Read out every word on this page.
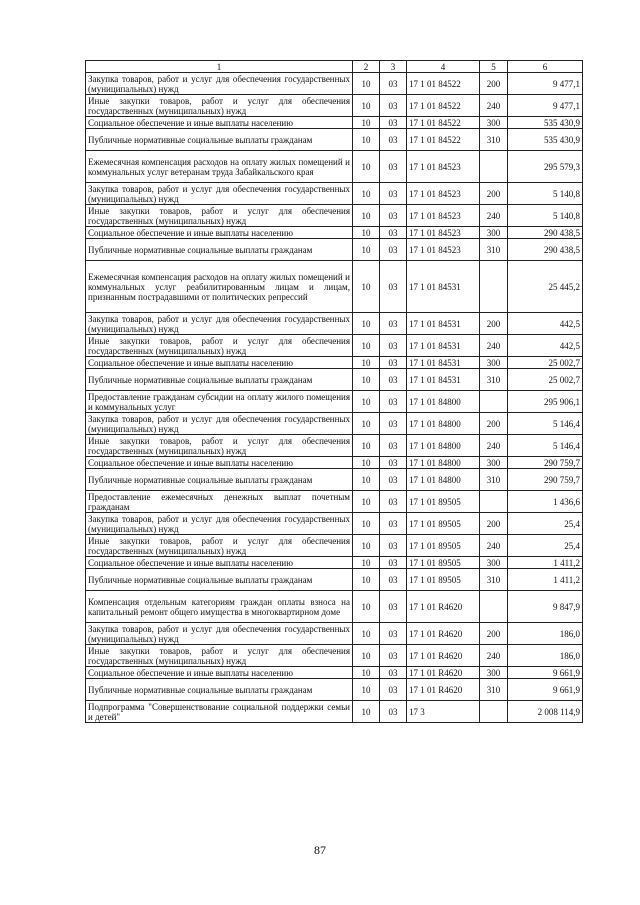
1	2	3	4	5	6
Закупка товаров, работ и услуг для обеспечения государственных (муниципальных) нужд	10	03	17 1 01 84522	200	9 477,1
Иные закупки товаров, работ и услуг для обеспечения государственных (муниципальных) нужд	10	03	17 1 01 84522	240	9 477,1
Социальное обеспечение и иные выплаты населению	10	03	17 1 01 84522	300	535 430,9
Публичные нормативные социальные выплаты гражданам	10	03	17 1 01 84522	310	535 430,9
Ежемесячная компенсация расходов на оплату жилых помещений и коммунальных услуг ветеранам труда Забайкальского края	10	03	17 1 01 84523		295 579,3
Закупка товаров, работ и услуг для обеспечения государственных (муниципальных) нужд	10	03	17 1 01 84523	200	5 140,8
Иные закупки товаров, работ и услуг для обеспечения государственных (муниципальных) нужд	10	03	17 1 01 84523	240	5 140,8
Социальное обеспечение и иные выплаты населению	10	03	17 1 01 84523	300	290 438,5
Публичные нормативные социальные выплаты гражданам	10	03	17 1 01 84523	310	290 438,5
Ежемесячная компенсация расходов на оплату жилых помещений и коммунальных услуг реабилитированным лицам и лицам, признанным пострадавшими от политических репрессий	10	03	17 1 01 84531		25 445,2
Закупка товаров, работ и услуг для обеспечения государственных (муниципальных) нужд	10	03	17 1 01 84531	200	442,5
Иные закупки товаров, работ и услуг для обеспечения государственных (муниципальных) нужд	10	03	17 1 01 84531	240	442,5
Социальное обеспечение и иные выплаты населению	10	03	17 1 01 84531	300	25 002,7
Публичные нормативные социальные выплаты гражданам	10	03	17 1 01 84531	310	25 002,7
Предоставление гражданам субсидии на оплату жилого помещения и коммунальных услуг	10	03	17 1 01 84800		295 906,1
Закупка товаров, работ и услуг для обеспечения государственных (муниципальных) нужд	10	03	17 1 01 84800	200	5 146,4
Иные закупки товаров, работ и услуг для обеспечения государственных (муниципальных) нужд	10	03	17 1 01 84800	240	5 146,4
Социальное обеспечение и иные выплаты населению	10	03	17 1 01 84800	300	290 759,7
Публичные нормативные социальные выплаты гражданам	10	03	17 1 01 84800	310	290 759,7
Предоставление ежемесячных денежных выплат почетным гражданам	10	03	17 1 01 89505		1 436,6
Закупка товаров, работ и услуг для обеспечения государственных (муниципальных) нужд	10	03	17 1 01 89505	200	25,4
Иные закупки товаров, работ и услуг для обеспечения государственных (муниципальных) нужд	10	03	17 1 01 89505	240	25,4
Социальное обеспечение и иные выплаты населению	10	03	17 1 01 89505	300	1 411,2
Публичные нормативные социальные выплаты гражданам	10	03	17 1 01 89505	310	1 411,2
Компенсация отдельным категориям граждан оплаты взноса на капитальный ремонт общего имущества в многоквартирном доме	10	03	17 1 01 R4620		9 847,9
Закупка товаров, работ и услуг для обеспечения государственных (муниципальных) нужд	10	03	17 1 01 R4620	200	186,0
Иные закупки товаров, работ и услуг для обеспечения государственных (муниципальных) нужд	10	03	17 1 01 R4620	240	186,0
Социальное обеспечение и иные выплаты населению	10	03	17 1 01 R4620	300	9 661,9
Публичные нормативные социальные выплаты гражданам	10	03	17 1 01 R4620	310	9 661,9
Подпрограмма "Совершенствование социальной поддержки семьи и детей"	10	03	17 3		2 008 114,9
87
